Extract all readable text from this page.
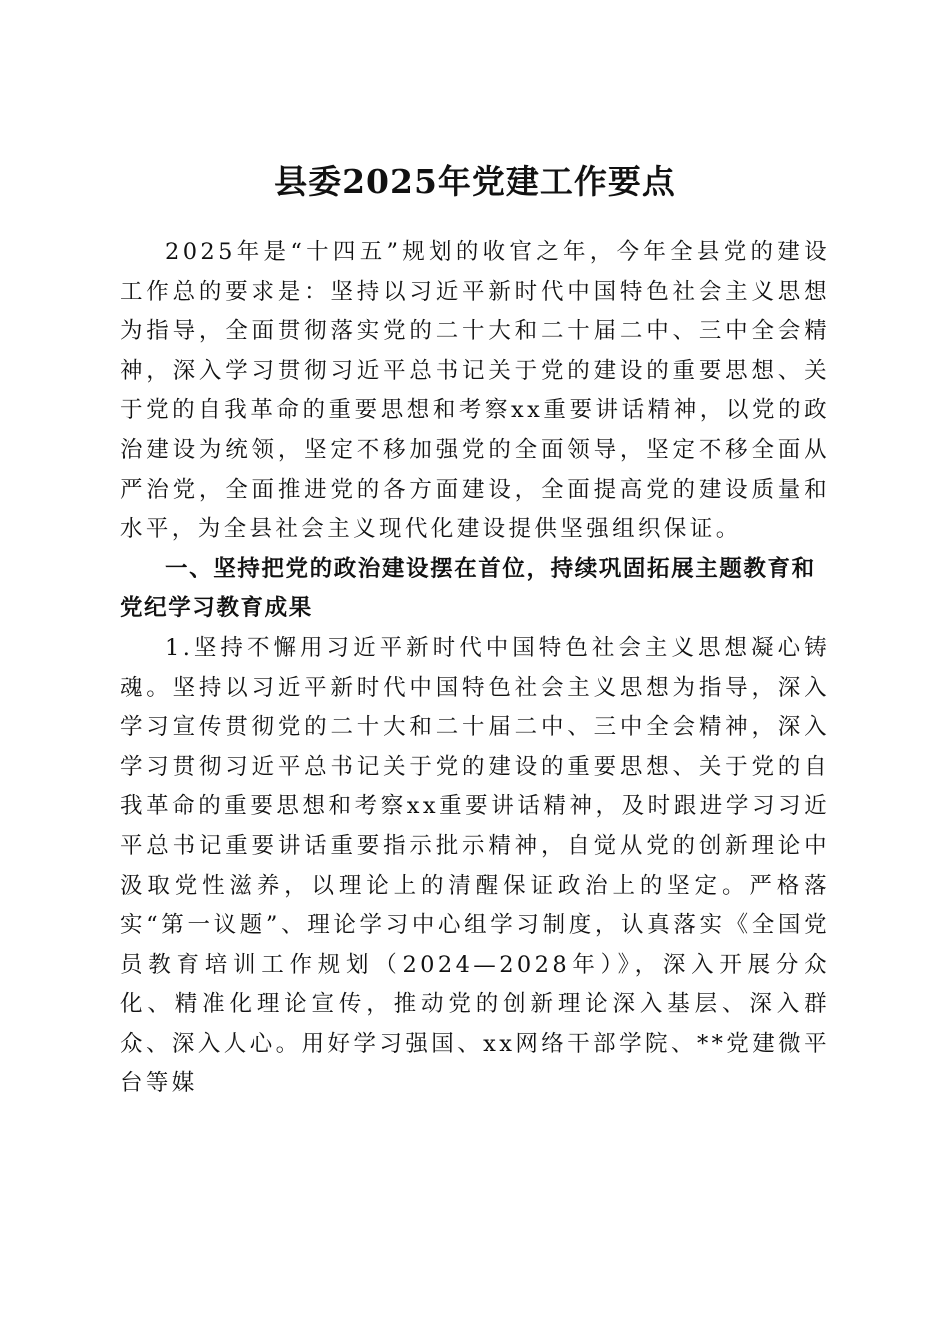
县委2025年党建工作要点

2025年是“十四五”规划的收官之年，今年全县党的建设工作总的要求是：坚持以习近平新时代中国特色社会主义思想为指导，全面贯彻落实党的二十大和二十届二中、三中全会精神，深入学习贯彻习近平总书记关于党的建设的重要思想、关于党的自我革命的重要思想和考察xx重要讲话精神，以党的政治建设为统领，坚定不移加强党的全面领导，坚定不移全面从严治党，全面推进党的各方面建设，全面提高党的建设质量和水平，为全县社会主义现代化建设提供坚强组织保证。

一、坚持把党的政治建设摆在首位，持续巩固拓展主题教育和党纪学习教育成果

1.坚持不懈用习近平新时代中国特色社会主义思想凝心铸魂。坚持以习近平新时代中国特色社会主义思想为指导，深入学习宣传贯彻党的二十大和二十届二中、三中全会精神，深入学习贯彻习近平总书记关于党的建设的重要思想、关于党的自我革命的重要思想和考察xx重要讲话精神，及时跟进学习习近平总书记重要讲话重要指示批示精神，自觉从党的创新理论中汲取党性滋养，以理论上的清醒保证政治上的坚定。严格落实“第一议题”、理论学习中心组学习制度，认真落实《全国党员教育培训工作规划（2024—2028年）》，深入开展分众化、精准化理论宣传，推动党的创新理论深入基层、深入群众、深入人心。用好学习强国、xx网络干部学院、**党建微平台等媒
